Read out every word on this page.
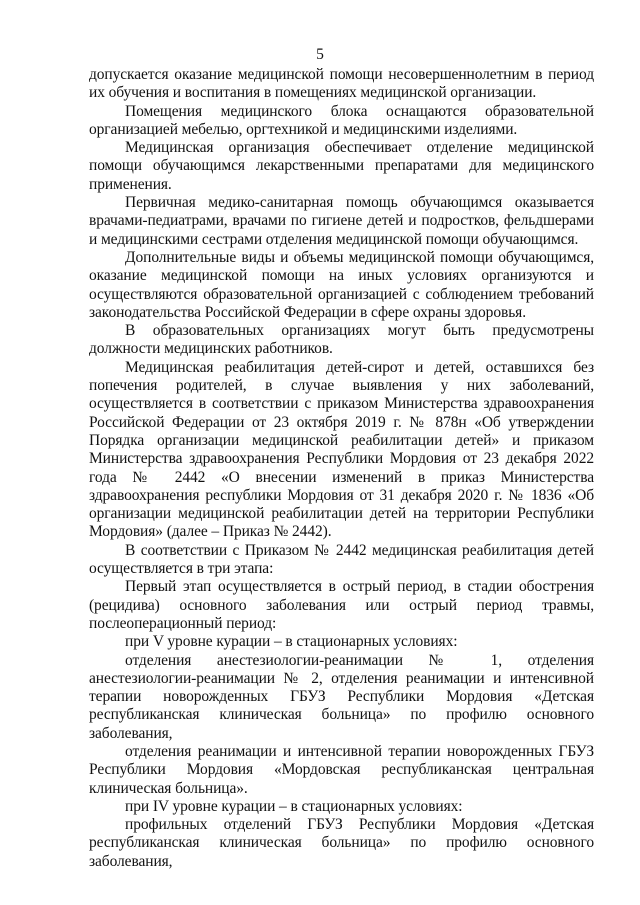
5

допускается оказание медицинской помощи несовершеннолетним в период их обучения и воспитания в помещениях медицинской организации.

Помещения медицинского блока оснащаются образовательной организацией мебелью, оргтехникой и медицинскими изделиями.

Медицинская организация обеспечивает отделение медицинской помощи обучающимся лекарственными препаратами для медицинского применения.

Первичная медико-санитарная помощь обучающимся оказывается врачами-педиатрами, врачами по гигиене детей и подростков, фельдшерами и медицинскими сестрами отделения медицинской помощи обучающимся.

Дополнительные виды и объемы медицинской помощи обучающимся, оказание медицинской помощи на иных условиях организуются и осуществляются образовательной организацией с соблюдением требований законодательства Российской Федерации в сфере охраны здоровья.

В образовательных организациях могут быть предусмотрены должности медицинских работников.

Медицинская реабилитация детей-сирот и детей, оставшихся без попечения родителей, в случае выявления у них заболеваний, осуществляется в соответствии с приказом Министерства здравоохранения Российской Федерации от 23 октября 2019 г. № 878н «Об утверждении Порядка организации медицинской реабилитации детей» и приказом Министерства здравоохранения Республики Мордовия от 23 декабря 2022 года № 2442 «О внесении изменений в приказ Министерства здравоохранения республики Мордовия от 31 декабря 2020 г. № 1836 «Об организации медицинской реабилитации детей на территории Республики Мордовия» (далее – Приказ № 2442).

В соответствии с Приказом № 2442 медицинская реабилитация детей осуществляется в три этапа:

Первый этап осуществляется в острый период, в стадии обострения (рецидива) основного заболевания или острый период травмы, послеоперационный период:

при V уровне курации – в стационарных условиях:

отделения анестезиологии-реанимации № 1, отделения анестезиологии-реанимации № 2, отделения реанимации и интенсивной терапии новорожденных ГБУЗ Республики Мордовия «Детская республиканская клиническая больница» по профилю основного заболевания,

отделения реанимации и интенсивной терапии новорожденных ГБУЗ Республики Мордовия «Мордовская республиканская центральная клиническая больница».

при IV уровне курации – в стационарных условиях:

профильных отделений ГБУЗ Республики Мордовия «Детская республиканская клиническая больница» по профилю основного заболевания,
